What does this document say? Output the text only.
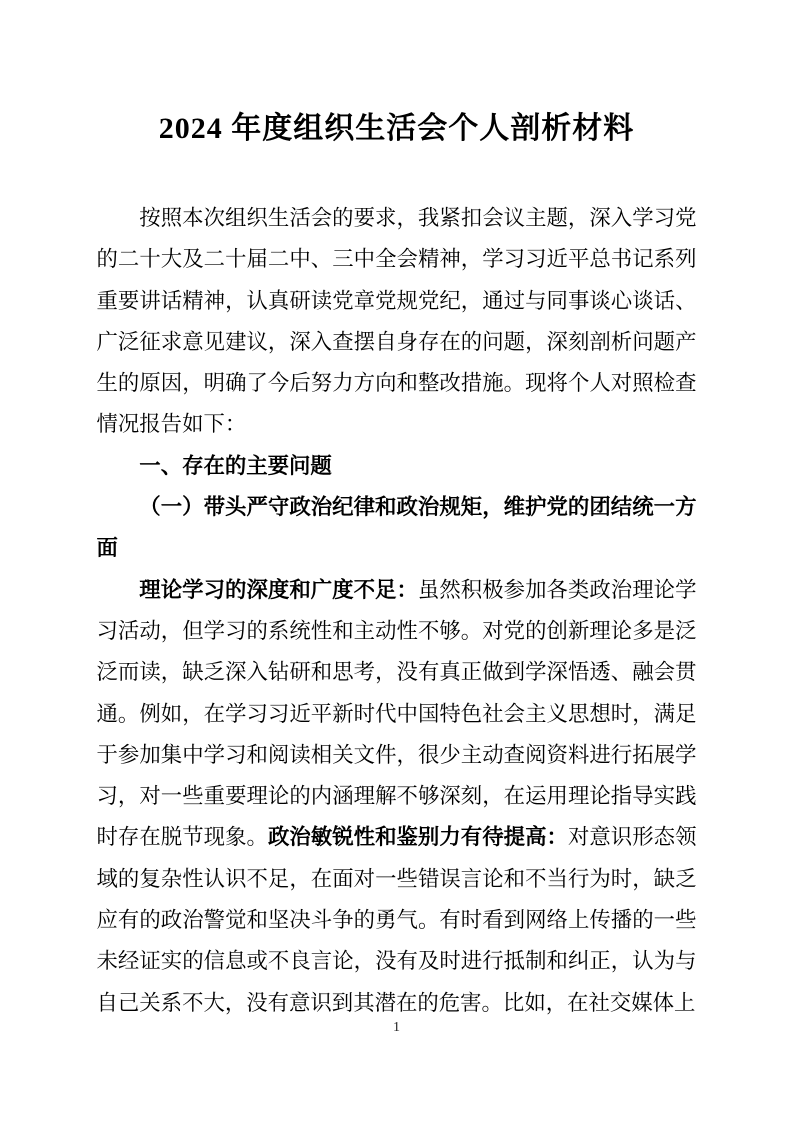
2024 年度组织生活会个人剖析材料

按照本次组织生活会的要求，我紧扣会议主题，深入学习党的二十大及二十届二中、三中全会精神，学习习近平总书记系列重要讲话精神，认真研读党章党规党纪，通过与同事谈心谈话、广泛征求意见建议，深入查摆自身存在的问题，深刻剖析问题产生的原因，明确了今后努力方向和整改措施。现将个人对照检查情况报告如下：

一、存在的主要问题

（一）带头严守政治纪律和政治规矩，维护党的团结统一方面

理论学习的深度和广度不足：虽然积极参加各类政治理论学习活动，但学习的系统性和主动性不够。对党的创新理论多是泛泛而读，缺乏深入钻研和思考，没有真正做到学深悟透、融会贯通。例如，在学习习近平新时代中国特色社会主义思想时，满足于参加集中学习和阅读相关文件，很少主动查阅资料进行拓展学习，对一些重要理论的内涵理解不够深刻，在运用理论指导实践时存在脱节现象。政治敏锐性和鉴别力有待提高：对意识形态领域的复杂性认识不足，在面对一些错误言论和不当行为时，缺乏应有的政治警觉和坚决斗争的勇气。有时看到网络上传播的一些未经证实的信息或不良言论，没有及时进行抵制和纠正，认为与自己关系不大，没有意识到其潜在的危害。比如，在社交媒体上

1
